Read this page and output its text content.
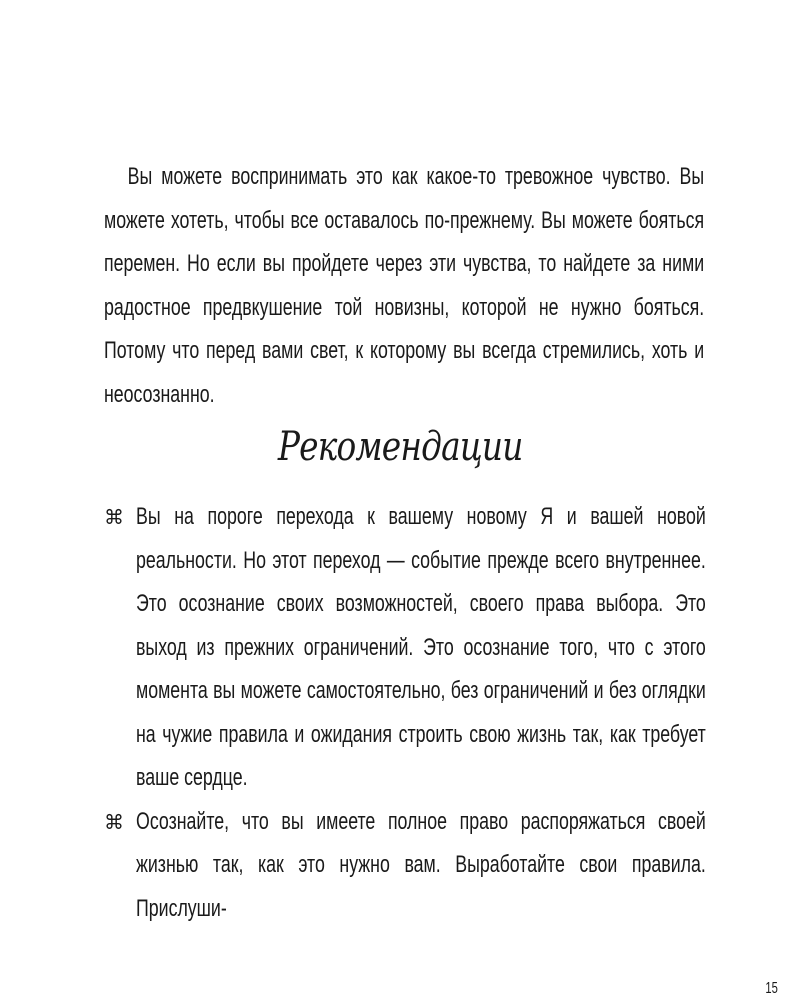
Вы можете воспринимать это как какое-то тревожное чувство. Вы можете хотеть, чтобы все оставалось по-прежнему. Вы можете бояться перемен. Но если вы пройдете через эти чувства, то найдете за ними радостное предвкушение той новизны, которой не нужно бояться. Потому что перед вами свет, к которому вы всегда стремились, хоть и неосознанно.

Рекомендации
⌘ Вы на пороге перехода к вашему новому Я и вашей новой реальности. Но этот переход — событие прежде всего внутреннее. Это осознание своих возможностей, своего права выбора. Это выход из прежних ограничений. Это осознание того, что с этого момента вы можете самостоятельно, без ограничений и без оглядки на чужие правила и ожидания строить свою жизнь так, как требует ваше сердце.
⌘ Осознайте, что вы имеете полное право распоряжаться своей жизнью так, как это нужно вам. Выработайте свои правила. Прислуши-
15
